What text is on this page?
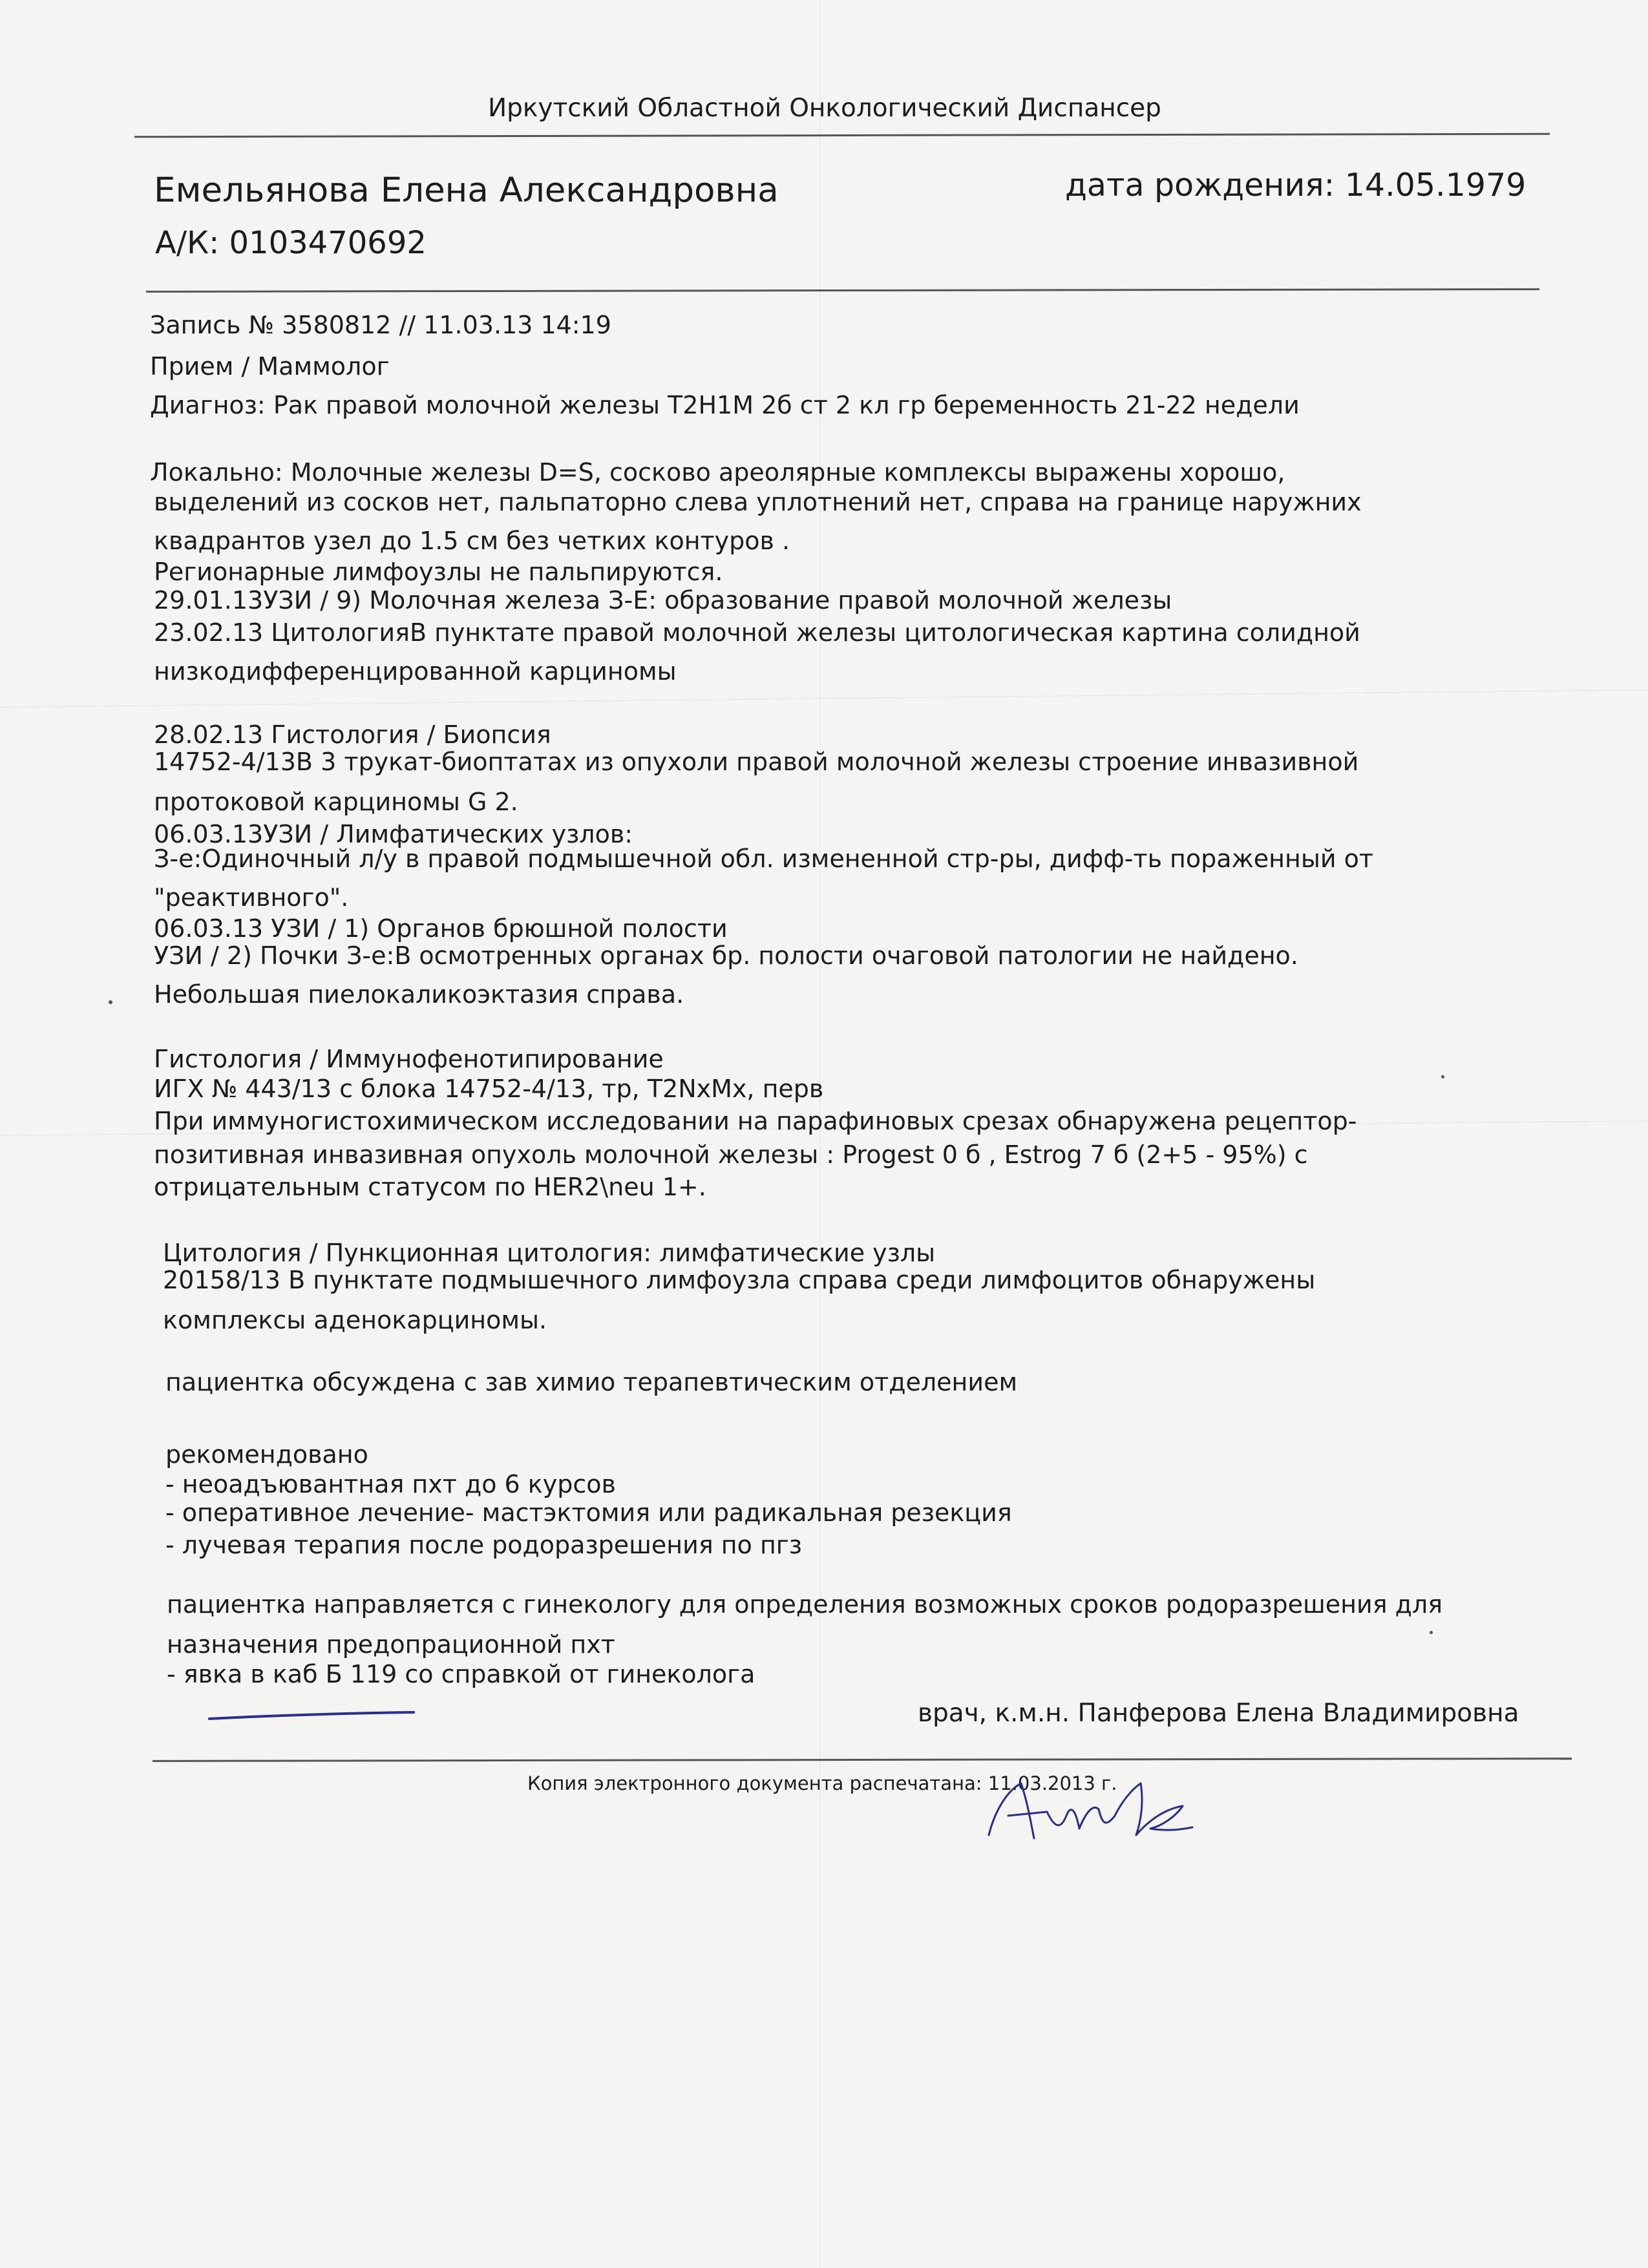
Иркутский Областной Онкологический Диспансер
Емельянова Елена Александровна	дата рождения: 14.05.1979
А/К: 0103470692
Запись № 3580812 // 11.03.13 14:19
Прием / Маммолог
Диагноз: Рак правой молочной железы Т2Н1М 2б ст 2 кл гр беременность 21-22 недели
Локально: Молочные железы D=S, сосково ареолярные комплексы выражены хорошо,
выделений из сосков нет, пальпаторно слева уплотнений нет, справа на границе наружних
квадрантов узел до 1.5 см без четких контуров .
Регионарные лимфоузлы не пальпируются.
29.01.13УЗИ / 9) Молочная железа З-Е: образование правой молочной железы
23.02.13 ЦитологияВ пунктате правой молочной железы цитологическая картина солидной
низкодифференцированной карциномы
28.02.13 Гистология / Биопсия
14752-4/13В 3 трукат-биоптатах из опухоли правой молочной железы строение инвазивной
протоковой карциномы G 2.
06.03.13УЗИ / Лимфатических узлов:
З-е:Одиночный л/у в правой подмышечной обл. измененной стр-ры, дифф-ть пораженный от
"реактивного".
06.03.13 УЗИ / 1) Органов брюшной полости
УЗИ / 2) Почки З-е:В осмотренных органах бр. полости очаговой патологии не найдено.
Небольшая пиелокаликоэктазия справа.
Гистология / Иммунофенотипирование
ИГХ № 443/13 с блока 14752-4/13, тр, T2NxMx, перв
При иммуногистохимическом исследовании на парафиновых срезах обнаружена рецептор-
позитивная инвазивная опухоль молочной железы : Progest 0 б , Estrog 7 б (2+5 - 95%) с
отрицательным статусом по HER2\neu 1+.
Цитология / Пункционная цитология: лимфатические узлы
20158/13 В пунктате подмышечного лимфоузла справа среди лимфоцитов обнаружены
комплексы аденокарциномы.
пациентка обсуждена с зав химио терапевтическим отделением
рекомендовано
- неоадъювантная пхт до 6 курсов
- оперативное лечение- мастэктомия или радикальная резекция
- лучевая терапия после родоразрешения по пгз
пациентка направляется с гинекологу для определения возможных сроков родоразрешения для
назначения предопрационной пхт
- явка в каб Б 119 со справкой от гинеколога
врач, к.м.н. Панферова Елена Владимировна
Копия электронного документа распечатана: 11.03.2013 г.
